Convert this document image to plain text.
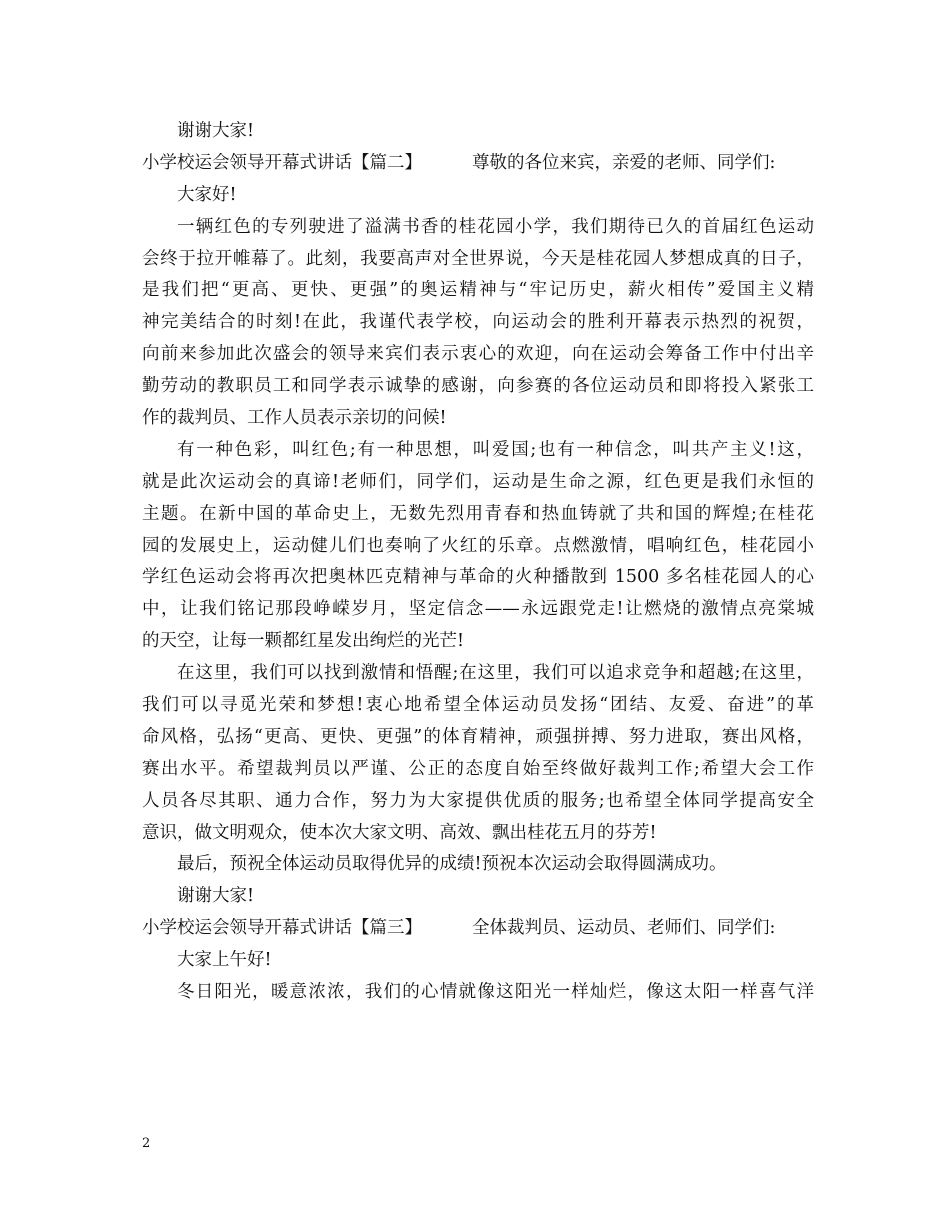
谢谢大家!
小学校运会领导开幕式讲话【篇二】	尊敬的各位来宾，亲爱的老师、同学们:
大家好!
一辆红色的专列驶进了溢满书香的桂花园小学，我们期待已久的首届红色运动
会终于拉开帷幕了。此刻，我要高声对全世界说，今天是桂花园人梦想成真的日子，
是我们把“更高、更快、更强”的奥运精神与“牢记历史，薪火相传”爱国主义精
神完美结合的时刻!在此，我谨代表学校，向运动会的胜利开幕表示热烈的祝贺，
向前来参加此次盛会的领导来宾们表示衷心的欢迎，向在运动会筹备工作中付出辛
勤劳动的教职员工和同学表示诚挚的感谢，向参赛的各位运动员和即将投入紧张工
作的裁判员、工作人员表示亲切的问候!
有一种色彩，叫红色;有一种思想，叫爱国;也有一种信念，叫共产主义!这，
就是此次运动会的真谛!老师们，同学们，运动是生命之源，红色更是我们永恒的
主题。在新中国的革命史上，无数先烈用青春和热血铸就了共和国的辉煌;在桂花
园的发展史上，运动健儿们也奏响了火红的乐章。点燃激情，唱响红色，桂花园小
学红色运动会将再次把奥林匹克精神与革命的火种播散到 1500 多名桂花园人的心
中，让我们铭记那段峥嵘岁月，坚定信念——永远跟党走!让燃烧的激情点亮棠城
的天空，让每一颗都红星发出绚烂的光芒!
在这里，我们可以找到激情和悟醒;在这里，我们可以追求竞争和超越;在这里，
我们可以寻觅光荣和梦想!衷心地希望全体运动员发扬“团结、友爱、奋进”的革
命风格，弘扬“更高、更快、更强”的体育精神，顽强拼搏、努力进取，赛出风格，
赛出水平。希望裁判员以严谨、公正的态度自始至终做好裁判工作;希望大会工作
人员各尽其职、通力合作，努力为大家提供优质的服务;也希望全体同学提高安全
意识，做文明观众，使本次大家文明、高效、飘出桂花五月的芬芳!
最后，预祝全体运动员取得优异的成绩!预祝本次运动会取得圆满成功。
谢谢大家!
小学校运会领导开幕式讲话【篇三】	全体裁判员、运动员、老师们、同学们:
大家上午好!
冬日阳光，暖意浓浓，我们的心情就像这阳光一样灿烂，像这太阳一样喜气洋
2
